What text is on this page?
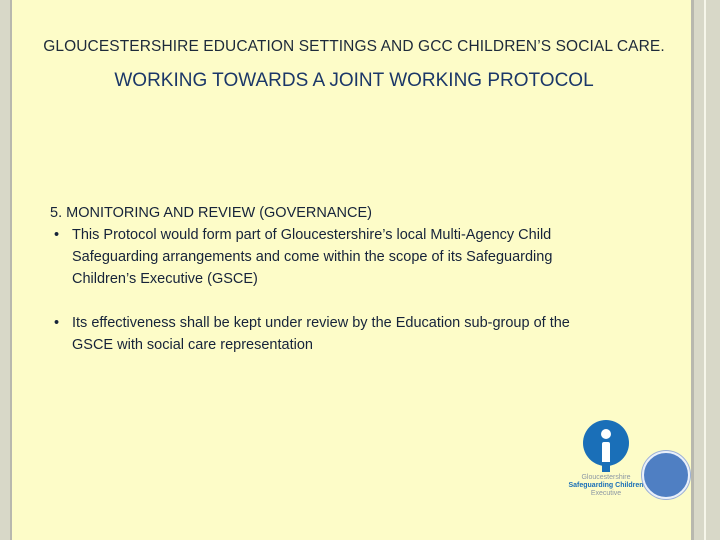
GLOUCESTERSHIRE EDUCATION SETTINGS AND GCC CHILDREN’S SOCIAL CARE.
WORKING TOWARDS A JOINT WORKING PROTOCOL
5. MONITORING AND REVIEW (GOVERNANCE)
• This Protocol would form part of Gloucestershire’s local Multi-Agency Child Safeguarding arrangements and come within the scope of its Safeguarding Children’s Executive (GSCE)
• Its effectiveness shall be kept under review by the Education sub-group of the GSCE with social care representation
Gloucestershire
Safeguarding Children
Executive
